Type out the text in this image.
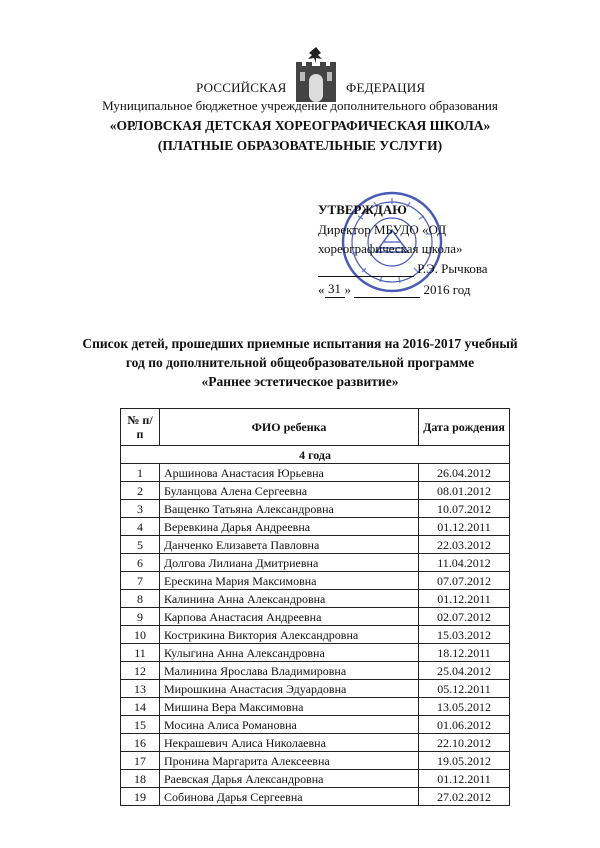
РОССИЙСКАЯ	ФЕДЕРАЦИЯ
Муниципальное бюджетное учреждение дополнительного образования
«ОРЛОВСКАЯ ДЕТСКАЯ ХОРЕОГРАФИЧЕСКАЯ ШКОЛА»
(ПЛАТНЫЕ ОБРАЗОВАТЕЛЬНЫЕ УСЛУГИ)
УТВЕРЖДАЮ
Директор МБУДО «ОД
хореографическая школа»
Р.Э. Рычкова
« 31 »	2016 год
Список детей, прошедших приемные испытания на 2016-2017 учебный
год по дополнительной общеобразовательной программе
«Раннее эстетическое развитие»
№ п/п	ФИО ребенка	Дата рождения
4 года		
1	Аршинова Анастасия Юрьевна	26.04.2012
2	Буланцова Алена Сергеевна	08.01.2012
3	Ващенко Татьяна Александровна	10.07.2012
4	Веревкина Дарья Андреевна	01.12.2011
5	Данченко Елизавета Павловна	22.03.2012
6	Долгова Лилиана Дмитриевна	11.04.2012
7	Ерескина Мария Максимовна	07.07.2012
8	Калинина Анна Александровна	01.12.2011
9	Карпова Анастасия Андреевна	02.07.2012
10	Кострикина Виктория Александровна	15.03.2012
11	Кулыгина Анна Александровна	18.12.2011
12	Малинина Ярослава Владимировна	25.04.2012
13	Мирошкина Анастасия Эдуардовна	05.12.2011
14	Мишина Вера Максимовна	13.05.2012
15	Мосина Алиса Романовна	01.06.2012
16	Некрашевич Алиса Николаевна	22.10.2012
17	Пронина Маргарита Алексеевна	19.05.2012
18	Раевская Дарья Александровна	01.12.2011
19	Собинова Дарья Сергеевна	27.02.2012
